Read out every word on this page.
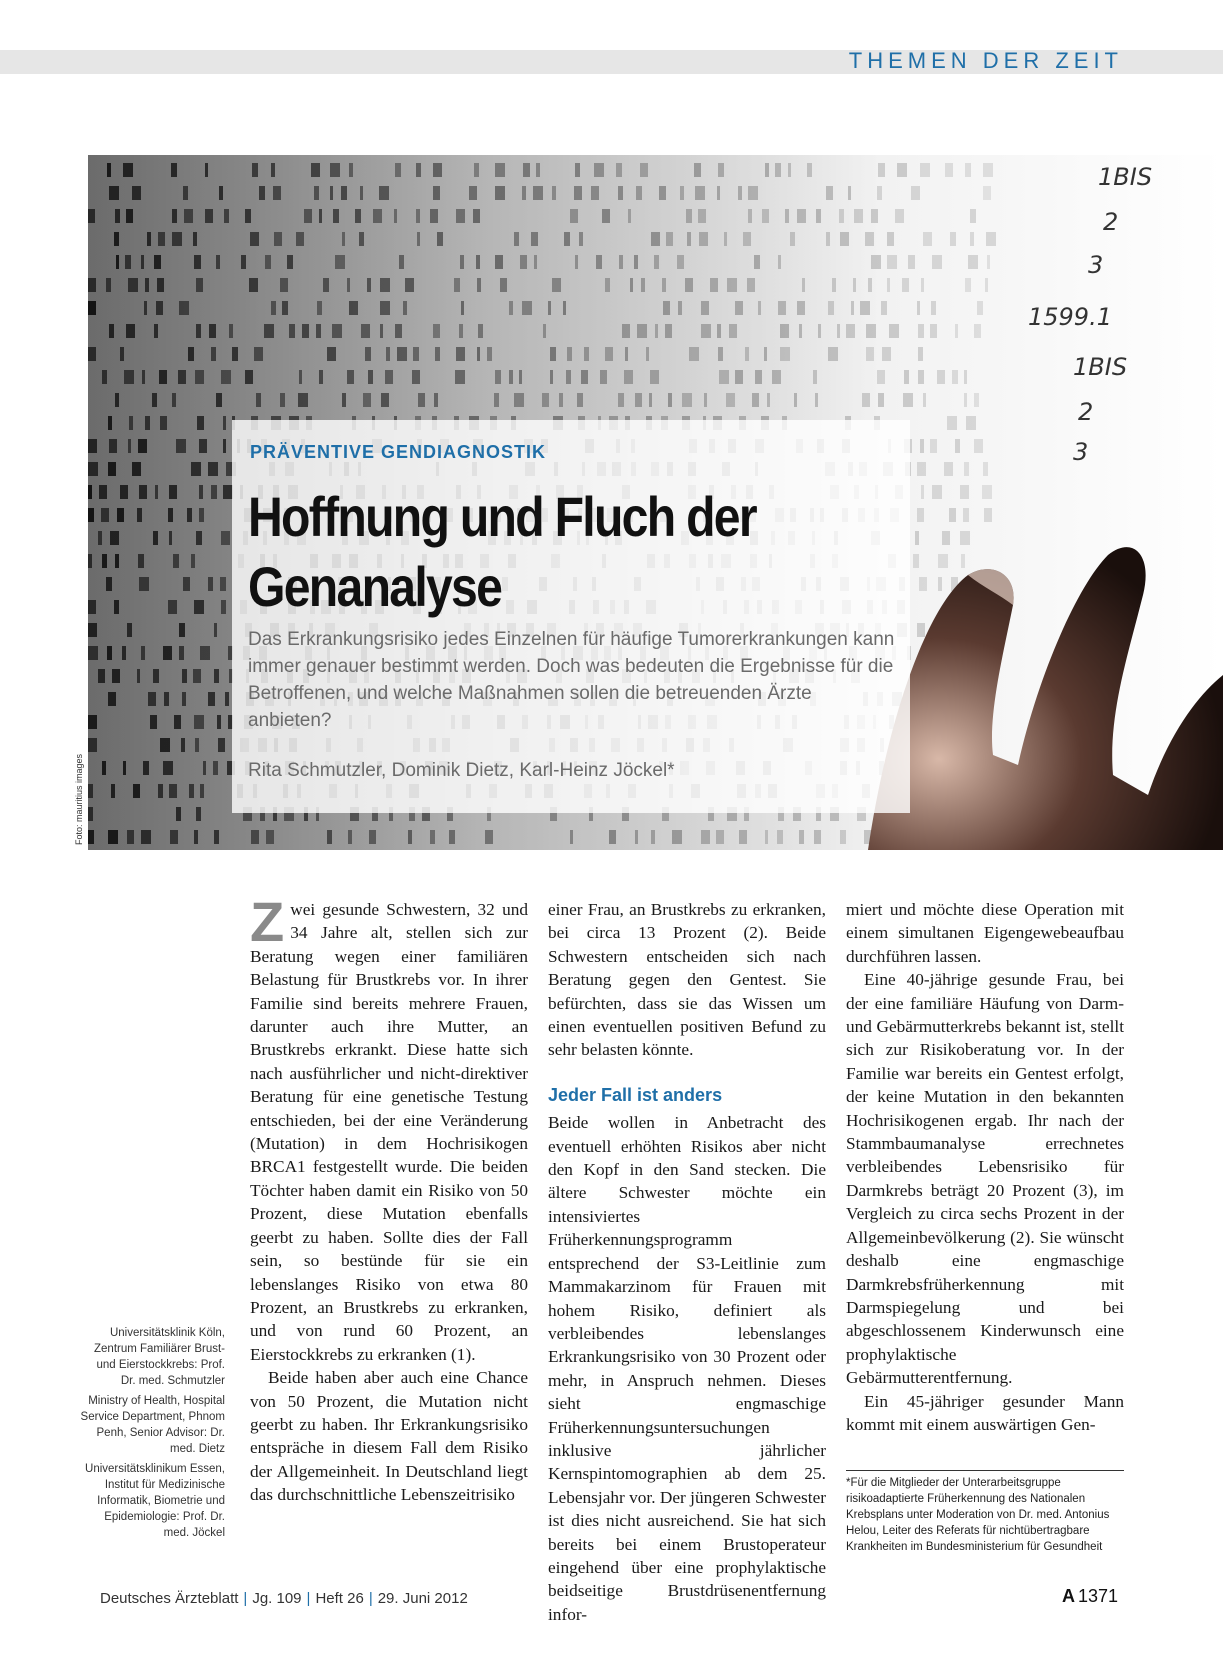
THEMEN DER ZEIT
1BIS
2
3
1599.1
1BIS
2
3
Foto: mauritius images
PRÄVENTIVE GENDIAGNOSTIK
Hoffnung und Fluch der
Genanalyse
Das Erkrankungsrisiko jedes Einzelnen für häufige Tumorerkrankungen kann immer genauer bestimmt werden. Doch was bedeuten die Ergebnisse für die Betroffenen, und welche Maßnahmen sollen die betreuenden Ärzte anbieten?
Rita Schmutzler, Dominik Dietz, Karl-Heinz Jöckel*

Zwei gesunde Schwestern, 32 und 34 Jahre alt, stellen sich zur Beratung wegen einer familiären Belastung für Brustkrebs vor. In ihrer Familie sind bereits mehrere Frauen, darunter auch ihre Mutter, an Brustkrebs erkrankt. Diese hatte sich nach ausführlicher und nicht-direktiver Beratung für eine genetische Testung entschieden, bei der eine Veränderung (Mutation) in dem Hochrisikogen BRCA1 festgestellt wurde. Die beiden Töchter haben damit ein Risiko von 50 Prozent, diese Mutation ebenfalls geerbt zu haben. Sollte dies der Fall sein, so bestünde für sie ein lebenslanges Risiko von etwa 80 Prozent, an Brustkrebs zu erkranken, und von rund 60 Prozent, an Eierstockkrebs zu erkranken (1).

Beide haben aber auch eine Chance von 50 Prozent, die Mutation nicht geerbt zu haben. Ihr Erkrankungsrisiko entspräche in diesem Fall dem Risiko der Allgemeinheit. In Deutschland liegt das durchschnittliche Lebenszeitrisiko

einer Frau, an Brustkrebs zu erkranken, bei circa 13 Prozent (2). Beide Schwestern entscheiden sich nach Beratung gegen den Gentest. Sie befürchten, dass sie das Wissen um einen eventuellen positiven Befund zu sehr belasten könnte.

Jeder Fall ist anders

Beide wollen in Anbetracht des eventuell erhöhten Risikos aber nicht den Kopf in den Sand stecken. Die ältere Schwester möchte ein intensiviertes Früherkennungsprogramm entsprechend der S3-Leitlinie zum Mammakarzinom für Frauen mit hohem Risiko, definiert als verbleibendes lebenslanges Erkrankungsrisiko von 30 Prozent oder mehr, in Anspruch nehmen. Dieses sieht engmaschige Früherkennungsuntersuchungen inklusive jährlicher Kernspintomographien ab dem 25. Lebensjahr vor. Der jüngeren Schwester ist dies nicht ausreichend. Sie hat sich bereits bei einem Brustoperateur eingehend über eine prophylaktische beidseitige Brustdrüsenentfernung infor-

miert und möchte diese Operation mit einem simultanen Eigengewebeaufbau durchführen lassen.

Eine 40-jährige gesunde Frau, bei der eine familiäre Häufung von Darm- und Gebärmutterkrebs bekannt ist, stellt sich zur Risikoberatung vor. In der Familie war bereits ein Gentest erfolgt, der keine Mutation in den bekannten Hochrisikogenen ergab. Ihr nach der Stammbaumanalyse errechnetes verbleibendes Lebensrisiko für Darmkrebs beträgt 20 Prozent (3), im Vergleich zu circa sechs Prozent in der Allgemeinbevölkerung (2). Sie wünscht deshalb eine engmaschige Darmkrebsfrüherkennung mit Darmspiegelung und bei abgeschlossenem Kinderwunsch eine prophylaktische Gebärmutterentfernung.

Ein 45-jähriger gesunder Mann kommt mit einem auswärtigen Gen-

Universitätsklinik Köln, Zentrum Familiärer Brust- und Eierstockkrebs: Prof. Dr. med. Schmutzler

Ministry of Health, Hospital Service Department, Phnom Penh, Senior Advisor: Dr. med. Dietz

Universitätsklinikum Essen, Institut für Medizinische Informatik, Biometrie und Epidemiologie: Prof. Dr. med. Jöckel

*Für die Mitglieder der Unterarbeitsgruppe risikoadaptierte Früherkennung des Nationalen Krebsplans unter Moderation von Dr. med. Antonius Helou, Leiter des Referats für nichtübertragbare Krankheiten im Bundesministerium für Gesundheit
Deutsches Ärzteblatt | Jg. 109 | Heft 26 | 29. Juni 2012	A 1371
